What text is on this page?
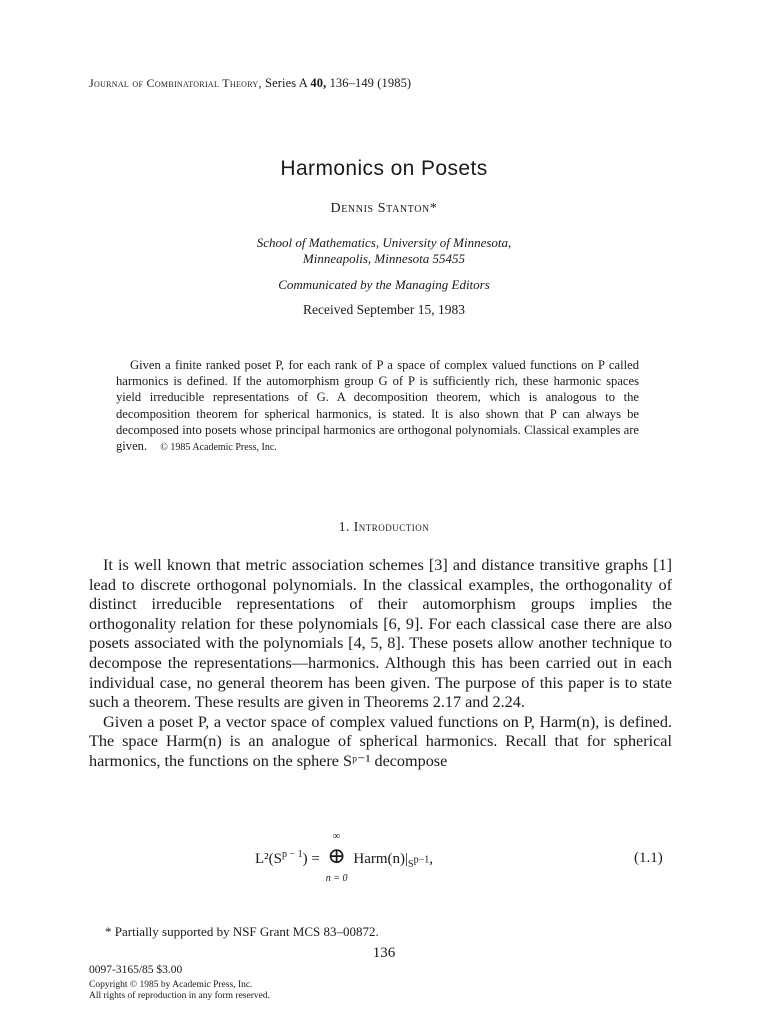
Journal of Combinatorial Theory, Series A 40, 136–149 (1985)
Harmonics on Posets
Dennis Stanton*
School of Mathematics, University of Minnesota,
Minneapolis, Minnesota 55455
Communicated by the Managing Editors
Received September 15, 1983
Given a finite ranked poset P, for each rank of P a space of complex valued functions on P called harmonics is defined. If the automorphism group G of P is sufficiently rich, these harmonic spaces yield irreducible representations of G. A decomposition theorem, which is analogous to the decomposition theorem for spherical harmonics, is stated. It is also shown that P can always be decomposed into posets whose principal harmonics are orthogonal polynomials. Classical examples are given. © 1985 Academic Press, Inc.
1. Introduction

It is well known that metric association schemes [3] and distance transitive graphs [1] lead to discrete orthogonal polynomials. In the classical examples, the orthogonality of distinct irreducible representations of their automorphism groups implies the orthogonality relation for these polynomials [6, 9]. For each classical case there are also posets associated with the polynomials [4, 5, 8]. These posets allow another technique to decompose the representations—harmonics. Although this has been carried out in each individual case, no general theorem has been given. The purpose of this paper is to state such a theorem. These results are given in Theorems 2.17 and 2.24.

Given a poset P, a vector space of complex valued functions on P, Harm(n), is defined. The space Harm(n) is an analogue of spherical harmonics. Recall that for spherical harmonics, the functions on the sphere Sᵖ⁻¹ decompose

$L^2(S^{p - 1})$ =
∞
⊕
n = 0
$Harm(n)|_{S^{p-1}}$,	(1.1)
* Partially supported by NSF Grant MCS 83–00872.
136
0097-3165/85 $3.00
Copyright © 1985 by Academic Press, Inc.
All rights of reproduction in any form reserved.
